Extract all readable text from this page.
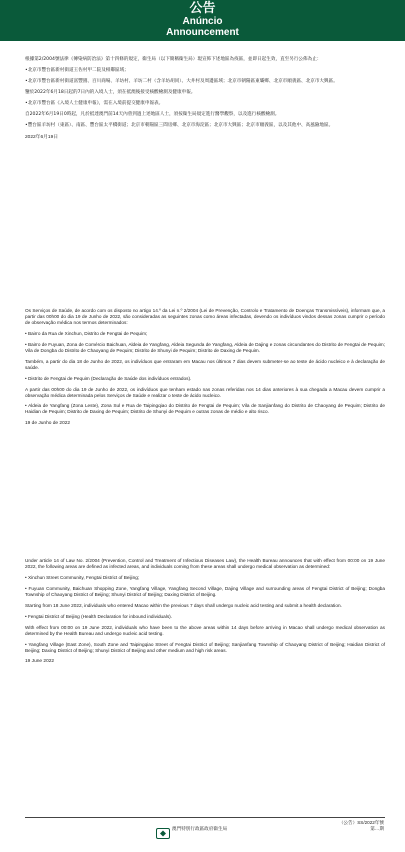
公告
Anúncio
Announcement

根據第2/2004號法律《傳染病防治法》第十四條的規定，衞生局（以下簡稱衞生局）現宣佈下述地區為疫區，並即日起生效，直至另行公佈為止：

•北京市豐台區新村街道王佐村甲二院及相鄰區域；

•北京市豐台區新村街道富豐園、百川商場、羊坊村、羊坊二村（含羊坊胡同）、大井村及周邊區域；北京市朝陽區東壩鄉、北京市順義區、北京市大興區。

鑒於2022年6月18日起的7日內的入境人士，須在抵澳後接受核酸檢測及健康申報。

•北京市豐台區《入境人士健康申報》，需在入境前提交健康申報表。

自2022年6月19日0時起，凡於抵達澳門前14天內曾到過上述地區人士，須按衞生局規定進行醫學觀察，以及進行核酸檢測。

•豐台區羊坊村（東區）、南區、豐台區太平橋街道；北京市朝陽區三間房鄉、北京市海淀區；北京市大興區；北京市順義區，以及其他中、高風險地區。

2022年6月19日

Os Serviços de Saúde, de acordo com os disposto no artigo 14.º da Lei n.º 2/2004 (Lei de Prevenção, Controlo e Tratamento de Doenças Transmissíveis), informam que, a partir das 00h00 do dia 19 de Junho de 2022, são consideradas as seguintes zonas como áreas infectadas, devendo os indivíduos vindos dessas zonas cumprir o período de observação médica nos termos determinados:

• Bairro da Rua de Xinchun, Distrito de Fengtai de Pequim;

• Bairro de Fuyuan, Zona de Comércio Baichuan, Aldeia de Yangfang, Aldeia Segunda de Yangfang, Aldeia de Dajing e zonas circundantes do Distrito de Fengtai de Pequim; Vila de Dongba do Distrito de Chaoyang de Pequim; Distrito de Shunyi de Pequim; Distrito de Daxing de Pequim.

Também, a partir do dia 18 de Junho de 2022, os indivíduos que entraram em Macau nos últimos 7 dias devem submeter-se ao teste de ácido nucleico e à declaração de saúde.

• Distrito de Fengtai de Pequim (Declaração de Saúde dos indivíduos entrados).

A partir das 00h00 do dia 19 de Junho de 2022, os indivíduos que tenham estado nas zonas referidas nos 14 dias anteriores à sua chegada a Macau devem cumprir a observação médica determinada pelos Serviços de Saúde e realizar o teste de ácido nucleico.

• Aldeia de Yangfang (Zona Leste), Zona Sul e Rua de Taipingqiao do Distrito de Fengtai de Pequim; Vila de Sanjianfang do Distrito de Chaoyang de Pequim; Distrito de Haidian de Pequim; Distrito de Daxing de Pequim; Distrito de Shunyi de Pequim e outras zonas de médio e alto risco.

19 de Junho de 2022

Under article 14 of Law No. 2/2004 (Prevention, Control and Treatment of Infectious Diseases Law), the Health Bureau announces that with effect from 00:00 on 19 June 2022, the following areas are defined as infected areas, and individuals coming from these areas shall undergo medical observation as determined:

• Xinchun Street Community, Fengtai District of Beijing;

• Fuyuan Community, Baichuan Shopping Zone, Yangfang Village, Yangfang Second Village, Dajing Village and surrounding areas of Fengtai District of Beijing; Dongba Township of Chaoyang District of Beijing; Shunyi District of Beijing; Daxing District of Beijing.

Starting from 18 June 2022, individuals who entered Macao within the previous 7 days shall undergo nucleic acid testing and submit a health declaration.

• Fengtai District of Beijing (Health Declaration for inbound individuals).

With effect from 00:00 on 19 June 2022, individuals who have been to the above areas within 14 days before arriving in Macao shall undergo medical observation as determined by the Health Bureau and undergo nucleic acid testing.

• Yangfang Village (East Zone), South Zone and Taipingqiao Street of Fengtai District of Beijing; Sanjianfang Township of Chaoyang District of Beijing; Haidian District of Beijing; Daxing District of Beijing; Shunyi District of Beijing and other medium and high risk areas.

19 June 2022

澳門特別行政區政府衞生局
（公告）SS/2022年號
第…期
